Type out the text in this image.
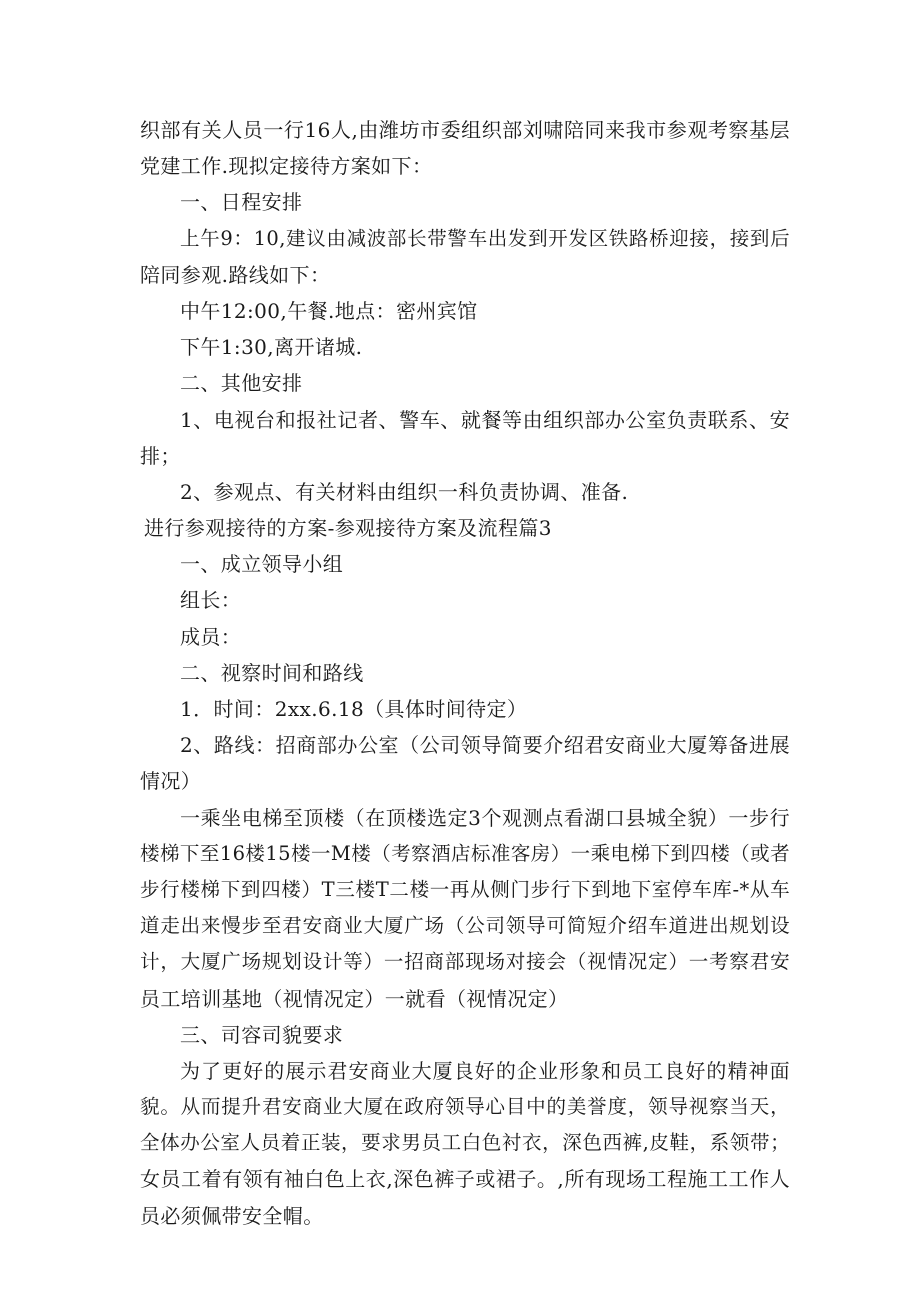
织部有关人员一行16人,由潍坊市委组织部刘啸陪同来我市参观考察基层
党建工作.现拟定接待方案如下：
一、日程安排
上午9：10,建议由减波部长带警车出发到开发区铁路桥迎接，接到后
陪同参观.路线如下：
中午12:00,午餐.地点：密州宾馆
下午1:30,离开诸城.
二、其他安排
1、电视台和报社记者、警车、就餐等由组织部办公室负责联系、安
排；
2、参观点、有关材料由组织一科负责协调、准备.
进行参观接待的方案-参观接待方案及流程篇3
一、成立领导小组
组长：
成员：
二、视察时间和路线
1．时间：2xx.6.18（具体时间待定）
2、路线：招商部办公室（公司领导简要介绍君安商业大厦筹备进展
情况）
一乘坐电梯至顶楼（在顶楼选定3个观测点看湖口县城全貌）一步行
楼梯下至16楼15楼一M楼（考察酒店标准客房）一乘电梯下到四楼（或者
步行楼梯下到四楼）T三楼T二楼一再从侧门步行下到地下室停车库-*从车
道走出来慢步至君安商业大厦广场（公司领导可简短介绍车道进出规划设
计，大厦广场规划设计等）一招商部现场对接会（视情况定）一考察君安
员工培训基地（视情况定）一就看（视情况定）
三、司容司貌要求
为了更好的展示君安商业大厦良好的企业形象和员工良好的精神面
貌。从而提升君安商业大厦在政府领导心目中的美誉度，领导视察当天，
全体办公室人员着正装，要求男员工白色衬衣，深色西裤,皮鞋，系领带；
女员工着有领有袖白色上衣,深色裤子或裙子。,所有现场工程施工工作人
员必须佩带安全帽。
